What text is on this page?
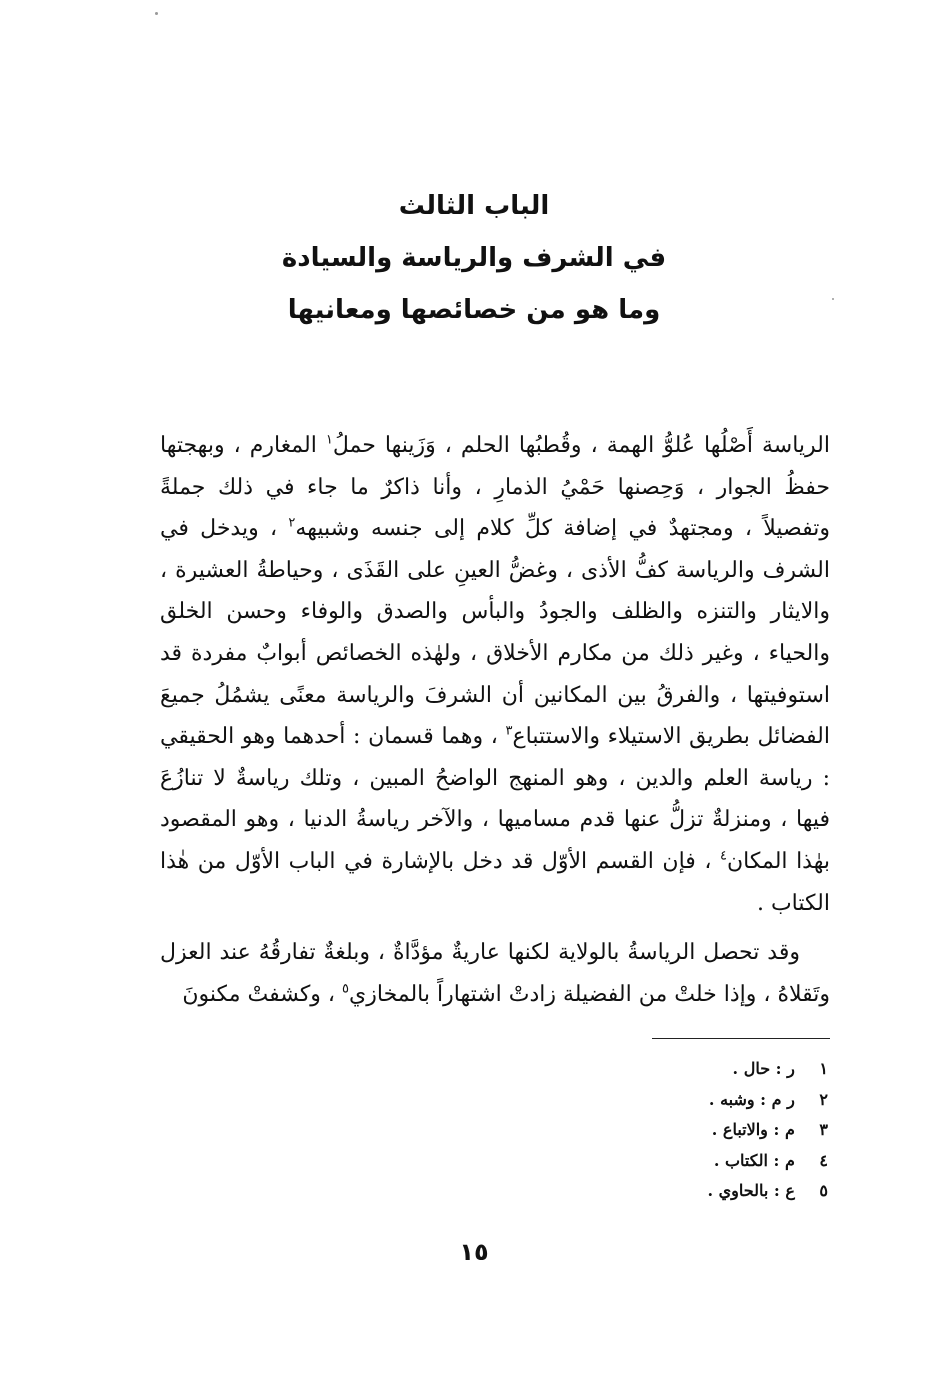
الباب الثالث
في الشرف والرياسة والسيادة
وما هو من خصائصها ومعانيها

الرياسة أَصْلُها عُلوُّ الهمة ، وقُطبُها الحلم ، وَزَينها حملُ$^١$ المغارم ، وبهجتها حفظُ الجوار ، وَحِصنها حَمْيُ الذمارِ ، وأنا ذاكرٌ ما جاء في ذلك جملةً وتفصيلاً ، ومجتهدٌ في إضافة كلِّ كلام إلى جنسه وشبيهه$^٢$ ، ويدخل في الشرف والرياسة كفُّ الأذى ، وغضُّ العينِ على القَذَى ، وحياطةُ العشيرة ، والايثار والتنزه والظلف والجودُ والبأس والصدق والوفاء وحسن الخلق والحياء ، وغير ذلك من مكارم الأخلاق ، ولهٰذه الخصائص أبوابٌ مفردة قد استوفيتها ، والفرقُ بين المكانين أن الشرفَ والرياسة معنًى يشمُلُ جميعَ الفضائل بطريق الاستيلاء والاستتباع$^٣$ ، وهما قسمان : أحدهما وهو الحقيقي : رياسة العلم والدين ، وهو المنهج الواضحُ المبين ، وتلك رياسةٌ لا تنازُعَ فيها ، ومنزلةٌ تزلُّ عنها قدم مساميها ، والآخر رياسةُ الدنيا ، وهو المقصود بهٰذا المكان$^٤$ ، فإن القسم الأوّل قد دخل بالإشارة في الباب الأوّل من هٰذا الكتاب .

وقد تحصل الرياسةُ بالولاية لكنها عاريةٌ مؤدَّاةٌ ، وبلغةٌ تفارقُهُ عند العزل وتَقلاهُ ، وإذا خلتْ من الفضيلة زادتْ اشتهاراً بالمخازي$^٥$ ، وكشفتْ مكنونَ

١  ر : حال .
٢  ر م : وشبه .
٣  م : والاتباع .
٤  م : الكتاب .
٥  ع : بالحاوي .
١٥
